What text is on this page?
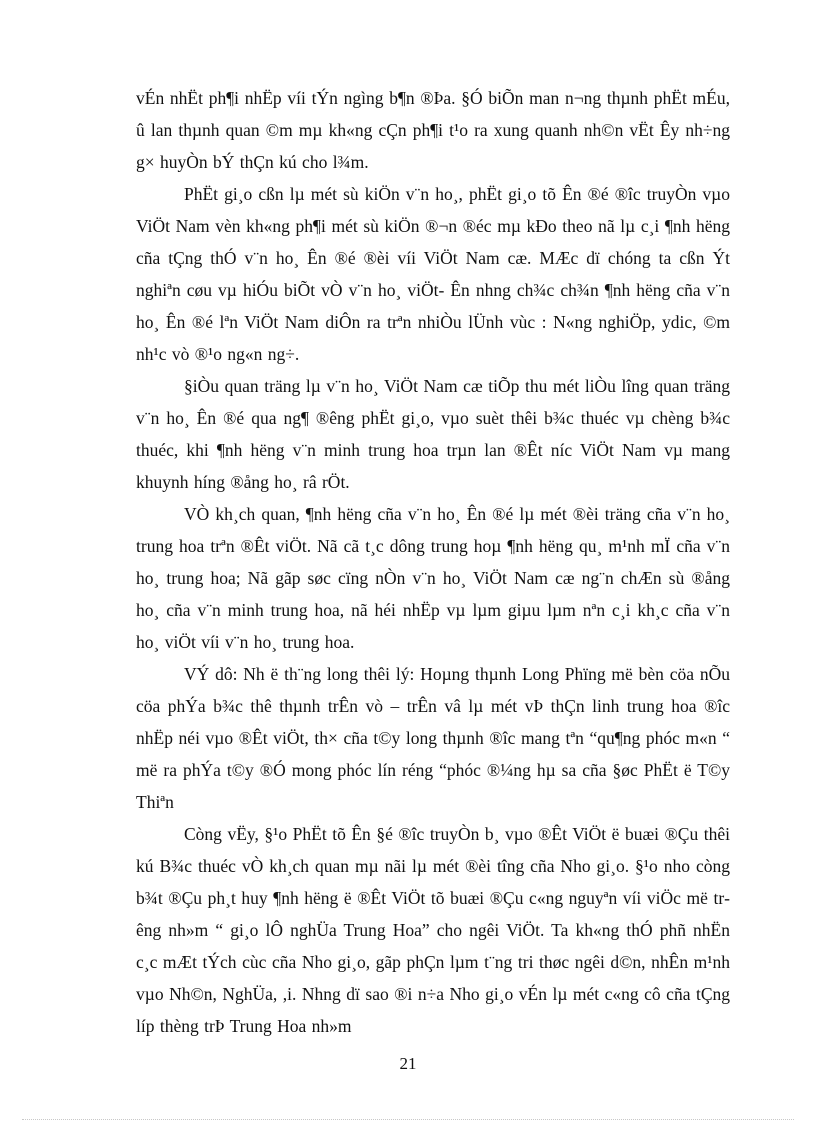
vÉn nhËt ph¶i nhËp víi tÝn ngìng b¶n ®Þa. §Ó biÕn man n¬ng thµnh phËt mÉu, û lan thµnh quan ©m mµ kh«ng cÇn ph¶i t¹o ra xung quanh nh©n vËt Êy nh÷ng g× huyÒn bÝ thÇn kú cho l¾m.

PhËt gi¸o cßn lµ mét sù kiÖn v¨n ho¸, phËt gi¸o tõ Ên ®é ®îc truyÒn vµo ViÖt Nam vèn kh«ng ph¶i mét sù kiÖn ®¬n ®éc mµ kÐo theo nã lµ c¸i ¶nh hëng cña tÇng thÓ v¨n ho¸ Ên ®é ®èi víi ViÖt Nam cæ. MÆc dï chóng ta cßn Ýt nghiªn cøu vµ hiÓu biÕt vÒ v¨n ho¸ viÖt- Ên nhng ch¾c ch¾n ¶nh hëng cña v¨n ho¸ Ên ®é lªn ViÖt Nam diÔn ra trªn nhiÒu lÜnh vùc : N«ng nghiÖp, ydic, ©m nh¹c vò ®¹o ng«n ng÷.

§iÒu quan träng lµ v¨n ho¸ ViÖt Nam cæ tiÕp thu mét liÒu lîng quan träng v¨n ho¸ Ên ®é qua ng¶ ®êng phËt gi¸o, vµo suèt thêi b¾c thuéc vµ chèng b¾c thuéc, khi ¶nh hëng v¨n minh trung hoa trµn lan ®Êt níc ViÖt Nam vµ mang khuynh híng ®ång ho¸ râ rÖt.

VÒ kh¸ch quan, ¶nh hëng cña v¨n ho¸ Ên ®é lµ mét ®èi träng cña v¨n ho¸ trung hoa trªn ®Êt viÖt. Nã cã t¸c dông trung hoµ ¶nh hëng qu¸ m¹nh mÏ cña v¨n ho¸ trung hoa; Nã gãp søc cïng nÒn v¨n ho¸ ViÖt Nam cæ ng¨n chÆn sù ®ång ho¸ cña v¨n minh trung hoa, nã héi nhËp vµ lµm giµu lµm nªn c¸i kh¸c cña v¨n ho¸ viÖt víi v¨n ho¸ trung hoa.

VÝ dô: Nh ë th¨ng long thêi lý: Hoµng thµnh Long Phïng më bèn cöa nÕu cöa phÝa b¾c thê thµnh trÊn vò – trÊn vâ lµ mét vÞ thÇn linh trung hoa ®îc nhËp néi vµo ®Êt viÖt, th× cña t©y long thµnh ®îc mang tªn “qu¶ng phóc m«n “ më ra phÝa t©y ®Ó mong phóc lín réng “phóc ®¼ng hµ sa cña §øc PhËt ë T©y Thiªn

Còng vËy, §¹o PhËt tõ Ên §é ®îc truyÒn b¸ vµo ®Êt ViÖt ë buæi ®Çu thêi kú B¾c thuéc vÒ kh¸ch quan mµ nãi lµ mét ®èi tîng cña Nho gi¸o. §¹o nho còng b¾t ®Çu ph¸t huy ¶nh hëng ë ®Êt ViÖt tõ buæi ®Çu c«ng nguyªn víi viÖc më trêng nh»m “ gi¸o lÔ nghÜa Trung Hoa” cho ngêi ViÖt. Ta kh«ng thÓ phñ nhËn c¸c mÆt tÝch cùc cña Nho gi¸o, gãp phÇn lµm t¨ng tri thøc ngêi d©n, nhÊn m¹nh vµo Nh©n, NghÜa, ,i. Nhng dï sao ®i n÷a Nho gi¸o vÉn lµ mét c«ng cô cña tÇng líp thèng trÞ Trung Hoa nh»m

21
